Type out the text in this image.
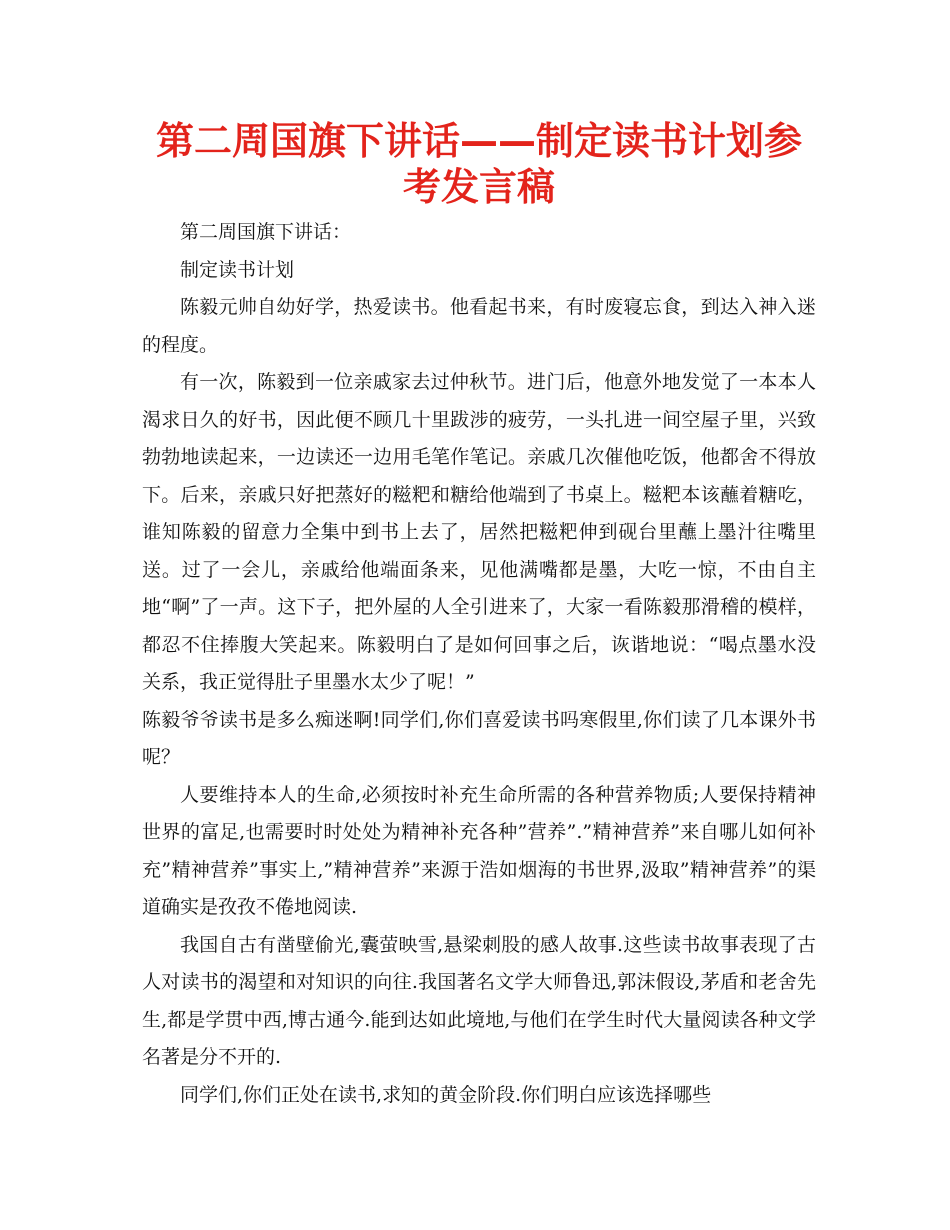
第二周国旗下讲话——制定读书计划参考发言稿

第二周国旗下讲话：

制定读书计划

陈毅元帅自幼好学，热爱读书。他看起书来，有时废寝忘食，到达入神入迷的程度。

有一次，陈毅到一位亲戚家去过仲秋节。进门后，他意外地发觉了一本本人渴求日久的好书，因此便不顾几十里跋涉的疲劳，一头扎进一间空屋子里，兴致勃勃地读起来，一边读还一边用毛笔作笔记。亲戚几次催他吃饭，他都舍不得放下。后来，亲戚只好把蒸好的糍粑和糖给他端到了书桌上。糍粑本该蘸着糖吃，谁知陈毅的留意力全集中到书上去了，居然把糍粑伸到砚台里蘸上墨汁往嘴里送。过了一会儿，亲戚给他端面条来，见他满嘴都是墨，大吃一惊，不由自主地“啊”了一声。这下子，把外屋的人全引进来了，大家一看陈毅那滑稽的模样，都忍不住捧腹大笑起来。陈毅明白了是如何回事之后，诙谐地说：“喝点墨水没关系，我正觉得肚子里墨水太少了呢！”

陈毅爷爷读书是多么痴迷啊!同学们,你们喜爱读书吗寒假里,你们读了几本课外书呢？

人要维持本人的生命,必须按时补充生命所需的各种营养物质;人要保持精神世界的富足,也需要时时处处为精神补充各种”营养”.”精神营养”来自哪儿如何补充”精神营养”事实上,”精神营养”来源于浩如烟海的书世界,汲取”精神营养”的渠道确实是孜孜不倦地阅读.

我国自古有凿壁偷光,囊萤映雪,悬梁刺股的感人故事.这些读书故事表现了古人对读书的渴望和对知识的向往.我国著名文学大师鲁迅,郭沫假设,茅盾和老舍先生,都是学贯中西,博古通今.能到达如此境地,与他们在学生时代大量阅读各种文学名著是分不开的.

同学们,你们正处在读书,求知的黄金阶段.你们明白应该选择哪些
